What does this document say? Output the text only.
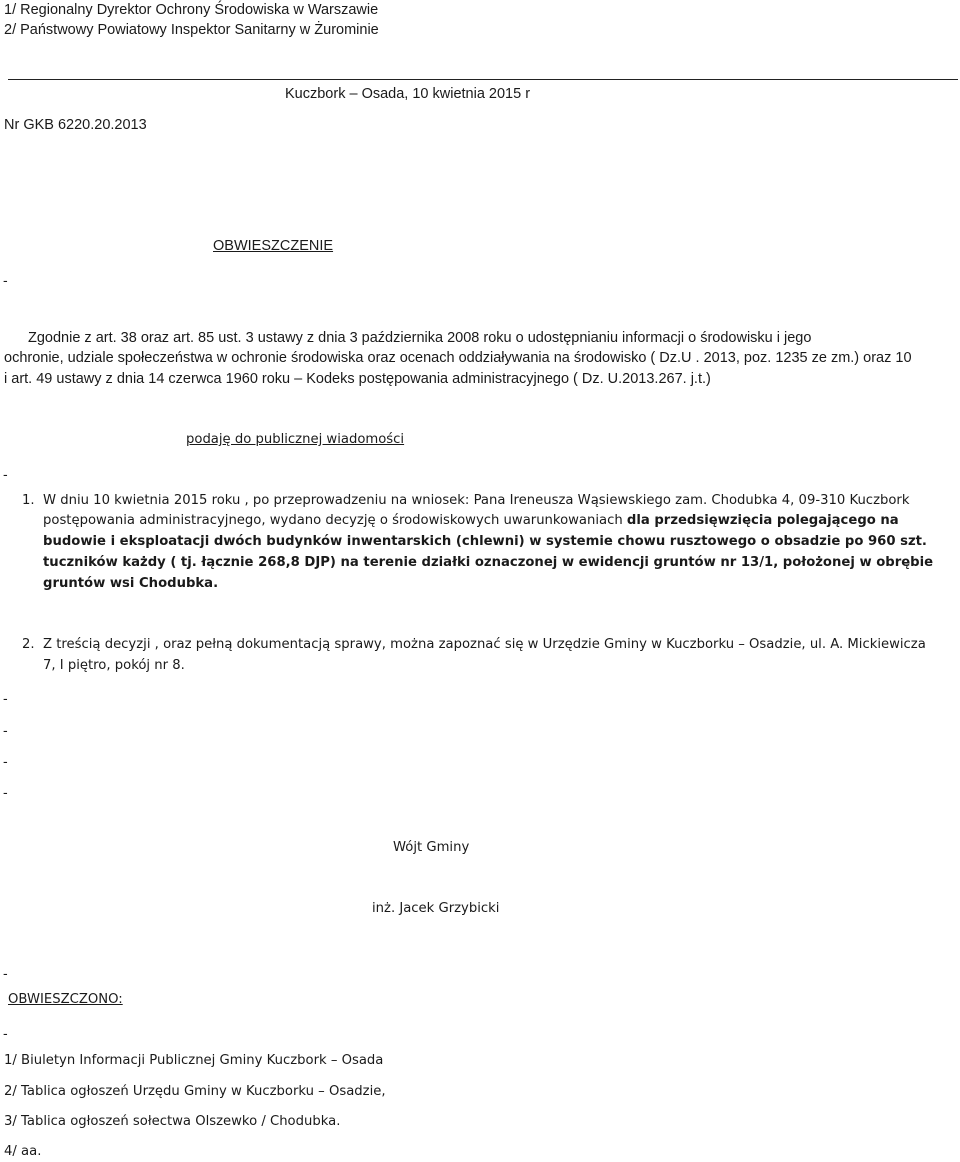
1/ Regionalny Dyrektor Ochrony Środowiska w Warszawie
2/ Państwowy Powiatowy Inspektor Sanitarny w Żurominie
Kuczbork – Osada, 10 kwietnia 2015 r
Nr GKB 6220.20.2013
OBWIESZCZENIE
-
Zgodnie z art. 38 oraz art. 85 ust. 3 ustawy z dnia 3 października 2008 roku o udostępnianiu informacji o środowisku i jego
ochronie, udziale społeczeństwa w ochronie środowiska oraz ocenach oddziaływania na środowisko ( Dz.U . 2013, poz. 1235 ze zm.) oraz 10
i art. 49 ustawy z dnia 14 czerwca 1960 roku – Kodeks postępowania administracyjnego ( Dz. U.2013.267. j.t.)
podaję do publicznej wiadomości
-
1. W dniu 10 kwietnia 2015 roku , po przeprowadzeniu na wniosek: Pana Ireneusza Wąsiewskiego zam. Chodubka 4, 09-310 Kuczbork
postępowania administracyjnego, wydano decyzję o środowiskowych uwarunkowaniach dla przedsięwzięcia polegającego na
budowie i eksploatacji dwóch budynków inwentarskich (chlewni) w systemie chowu rusztowego o obsadzie po 960 szt.
tuczników każdy ( tj. łącznie 268,8 DJP) na terenie działki oznaczonej w ewidencji gruntów nr 13/1, położonej w obrębie
gruntów wsi Chodubka.
2. Z treścią decyzji , oraz pełną dokumentacją sprawy, można zapoznać się w Urzędzie Gminy w Kuczborku – Osadzie, ul. A. Mickiewicza
7, I piętro, pokój nr 8.
-
-
-
-
Wójt Gminy
inż. Jacek Grzybicki
-
OBWIESZCZONO:
-
1/ Biuletyn Informacji Publicznej Gminy Kuczbork – Osada
2/ Tablica ogłoszeń Urzędu Gminy w Kuczborku – Osadzie,
3/ Tablica ogłoszeń sołectwa Olszewko / Chodubka.
4/ aa.
